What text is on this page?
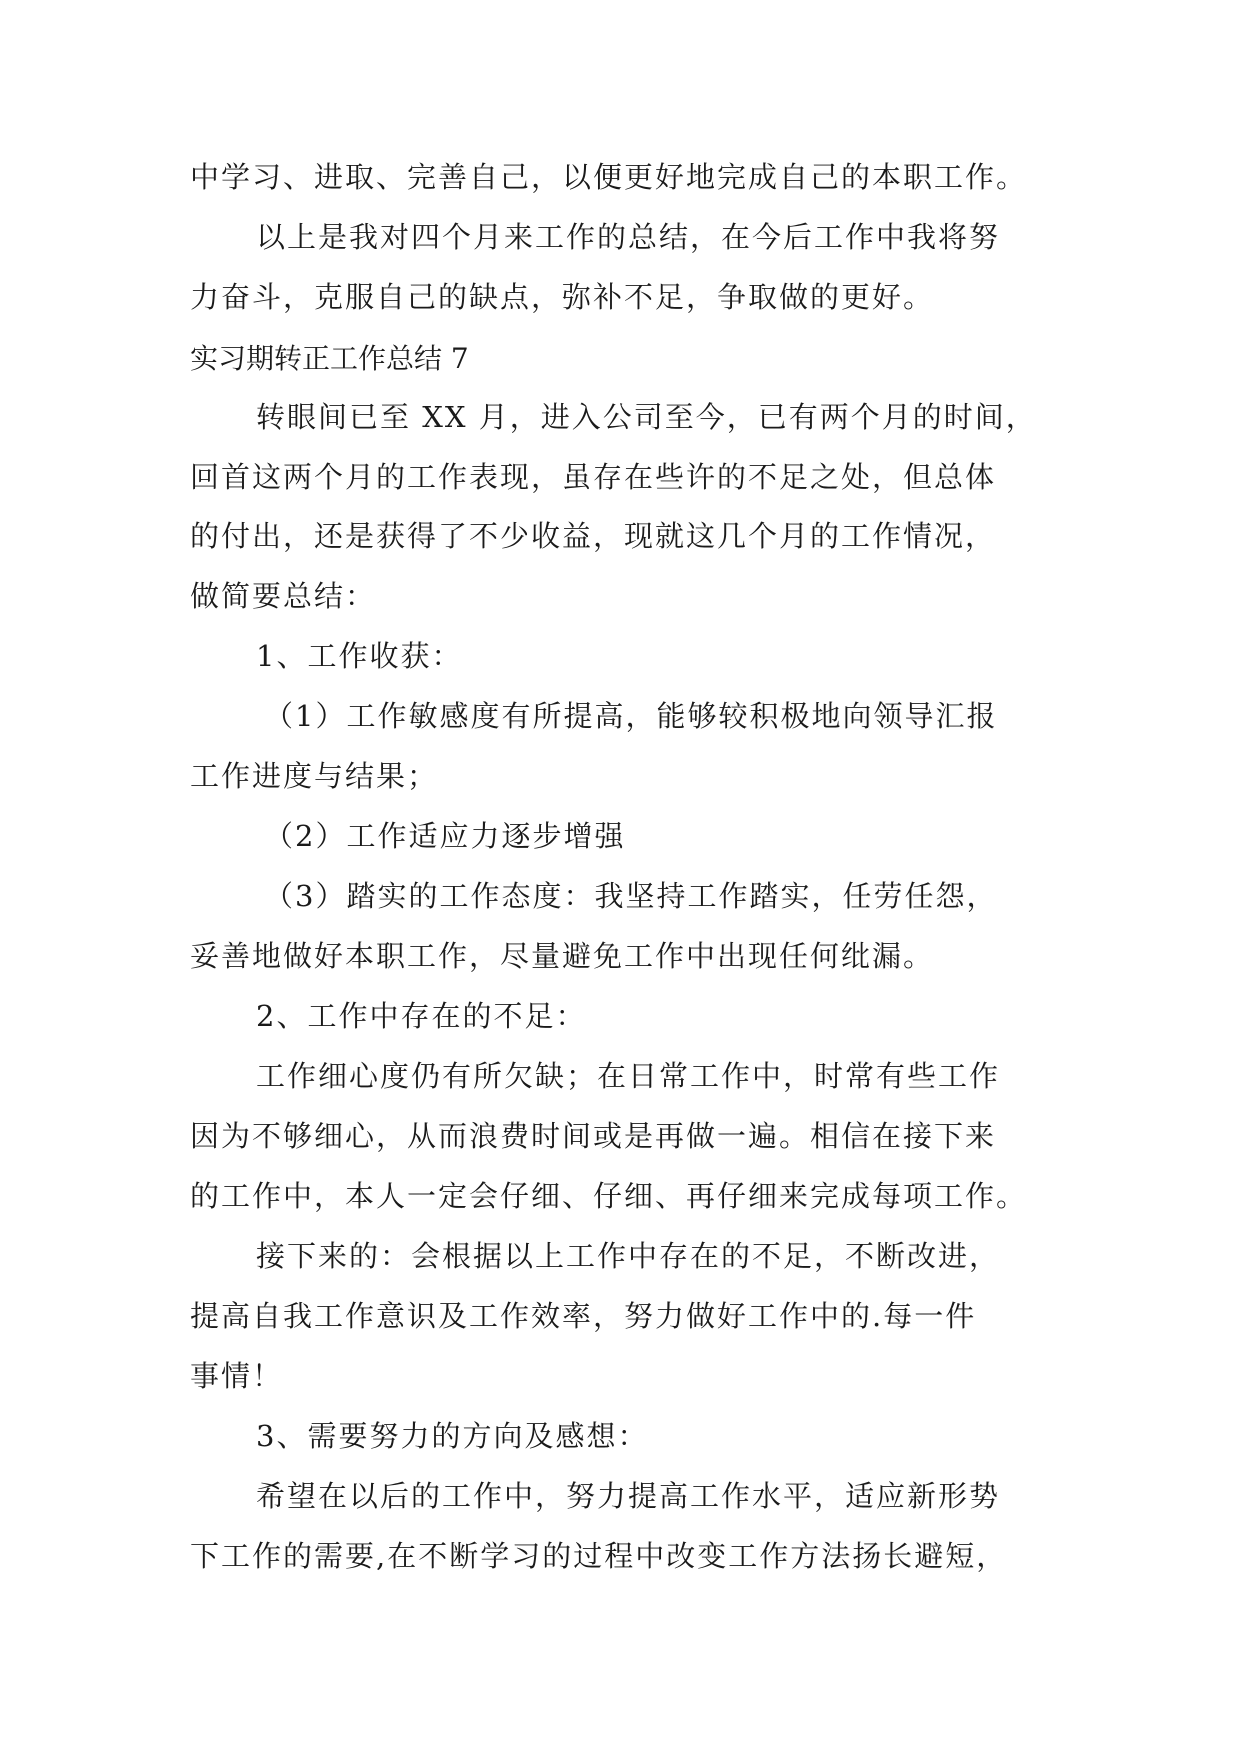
中学习、进取、完善自己，以便更好地完成自己的本职工作。
以上是我对四个月来工作的总结，在今后工作中我将努
力奋斗，克服自己的缺点，弥补不足，争取做的更好。
实习期转正工作总结 7
转眼间已至 XX 月，进入公司至今，已有两个月的时间，
回首这两个月的工作表现，虽存在些许的不足之处，但总体
的付出，还是获得了不少收益，现就这几个月的工作情况，
做简要总结：
1、工作收获：
（1）工作敏感度有所提高，能够较积极地向领导汇报
工作进度与结果；
（2）工作适应力逐步增强
（3）踏实的工作态度：我坚持工作踏实，任劳任怨，
妥善地做好本职工作，尽量避免工作中出现任何纰漏。
2、工作中存在的不足：
工作细心度仍有所欠缺；在日常工作中，时常有些工作
因为不够细心，从而浪费时间或是再做一遍。相信在接下来
的工作中，本人一定会仔细、仔细、再仔细来完成每项工作。
接下来的：会根据以上工作中存在的不足，不断改进，
提高自我工作意识及工作效率，努力做好工作中的.每一件
事情！
3、需要努力的方向及感想：
希望在以后的工作中，努力提高工作水平，适应新形势
下工作的需要,在不断学习的过程中改变工作方法扬长避短，
